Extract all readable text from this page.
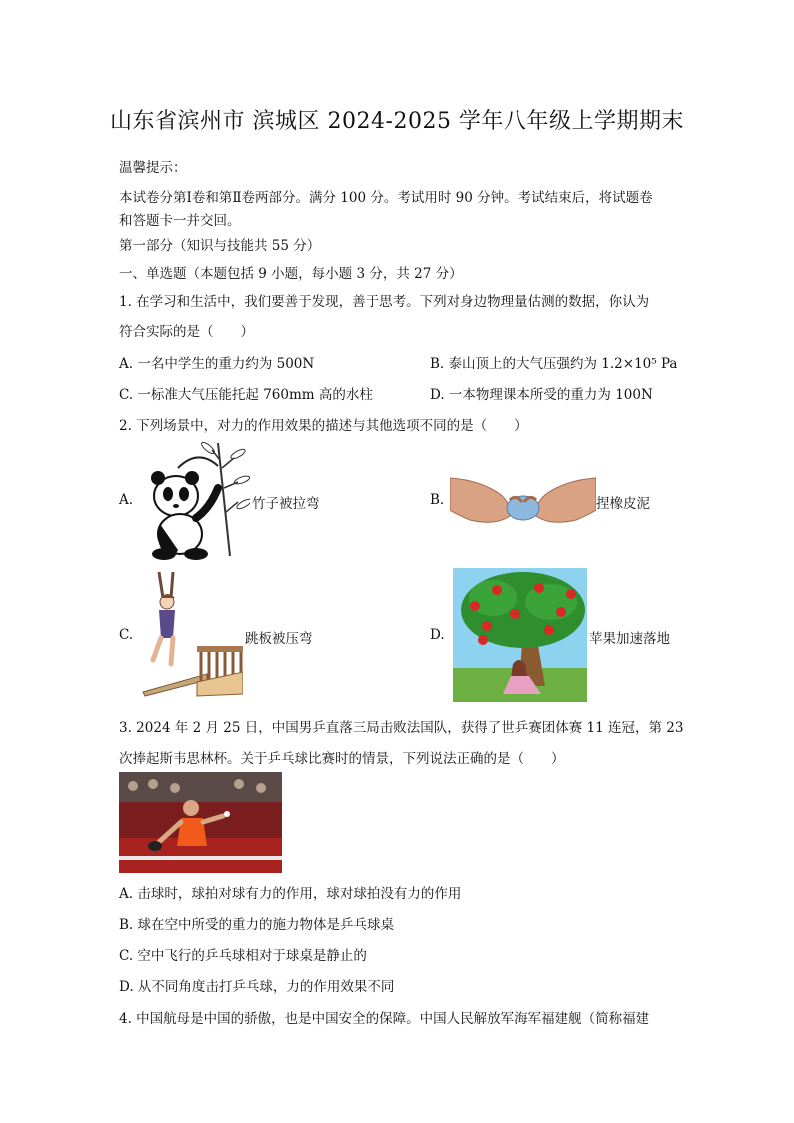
山东省滨州市 滨城区 2024-2025 学年八年级上学期期末
温馨提示：
本试卷分第Ⅰ卷和第Ⅱ卷两部分。满分 100 分。考试用时 90 分钟。考试结束后，将试题卷
和答题卡一并交回。
第一部分（知识与技能共 55 分）
一、单选题（本题包括 9 小题，每小题 3 分，共 27 分）
1. 在学习和生活中，我们要善于发现，善于思考。下列对身边物理量估测的数据，你认为
符合实际的是（　　）
A. 一名中学生的重力约为 500N	B. 泰山顶上的大气压强约为 1.2×10⁵ Pa
C. 一标准大气压能托起 760mm 高的水柱	D. 一本物理课本所受的重力为 100N
2. 下列场景中，对力的作用效果的描述与其他选项不同的是（　　）
A.	竹子被拉弯	B.	捏橡皮泥
C.	跳板被压弯	D.	苹果加速落地
3. 2024 年 2 月 25 日，中国男乒直落三局击败法国队，获得了世乒赛团体赛 11 连冠，第 23
次捧起斯韦思林杯。关于乒乓球比赛时的情景，下列说法正确的是（　　）
A. 击球时，球拍对球有力的作用，球对球拍没有力的作用
B. 球在空中所受的重力的施力物体是乒乓球桌
C. 空中飞行的乒乓球相对于球桌是静止的
D. 从不同角度击打乒乓球，力的作用效果不同
4. 中国航母是中国的骄傲，也是中国安全的保障。中国人民解放军海军福建舰（简称福建
